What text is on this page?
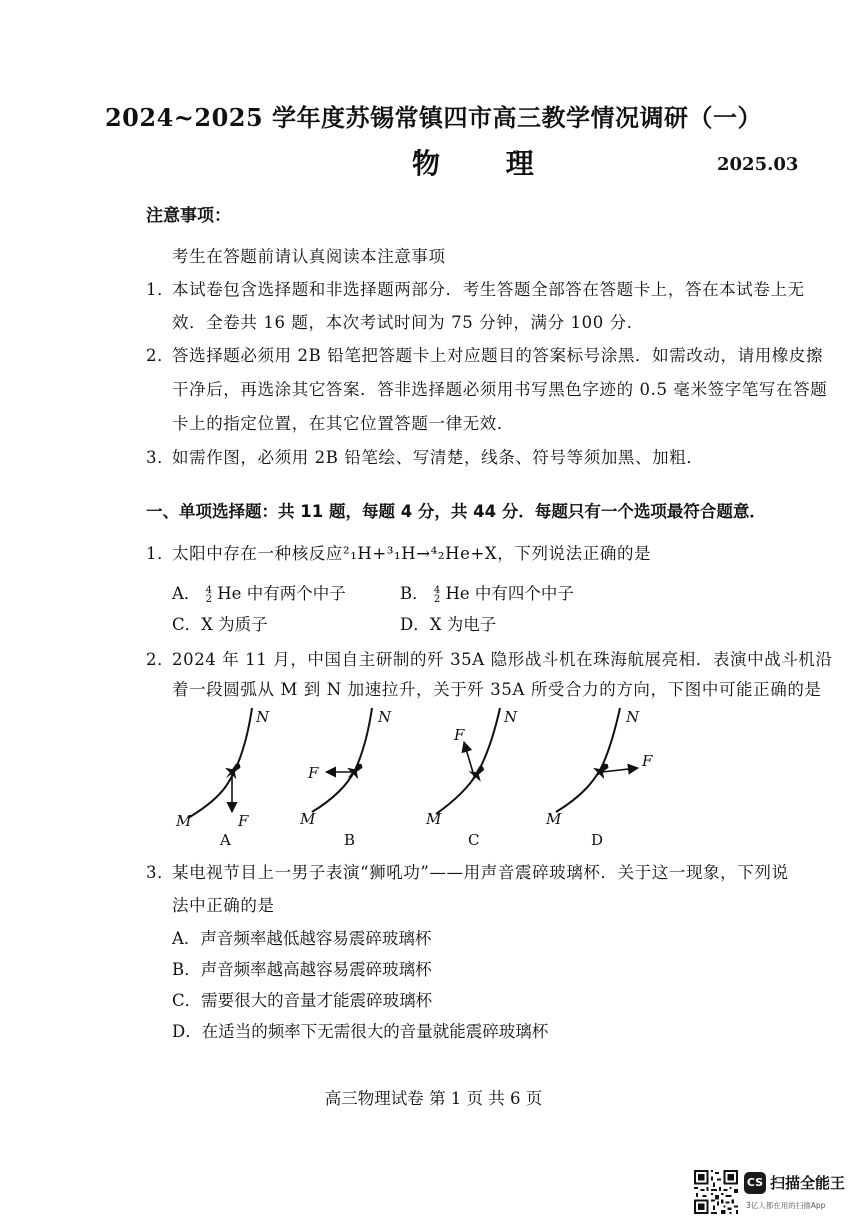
2024~2025 学年度苏锡常镇四市高三教学情况调研（一）
物 理	2025.03
注意事项：
考生在答题前请认真阅读本注意事项
1．
本试卷包含选择题和非选择题两部分．考生答题全部答在答题卡上，答在本试卷上无
效．全卷共 16 题，本次考试时间为 75 分钟，满分 100 分．
2．
答选择题必须用 2B 铅笔把答题卡上对应题目的答案标号涂黑．如需改动，请用橡皮擦
干净后，再选涂其它答案．答非选择题必须用书写黑色字迹的 0.5 毫米签字笔写在答题
卡上的指定位置，在其它位置答题一律无效．
3．
如需作图，必须用 2B 铅笔绘、写清楚，线条、符号等须加黑、加粗．
一、单项选择题：共 11 题，每题 4 分，共 44 分．每题只有一个选项最符合题意．
1．
太阳中存在一种核反应²₁H+³₁H→⁴₂He+X，下列说法正确的是
A． 4
2 He 中有两个中子	B． 4
2 He 中有四个中子
C．X 为质子	D．X 为电子
2．
2024 年 11 月，中国自主研制的歼 35A 隐形战斗机在珠海航展亮相．表演中战斗机沿
着一段圆弧从 M 到 N 加速拉升，关于歼 35A 所受合力的方向，下图中可能正确的是
N
M	F
A
N
M
F
B
N
M
F
C
N
M
F
D
3．
某电视节目上一男子表演“狮吼功”——用声音震碎玻璃杯．关于这一现象，下列说
法中正确的是
A．声音频率越低越容易震碎玻璃杯
B．声音频率越高越容易震碎玻璃杯
C．需要很大的音量才能震碎玻璃杯
D．在适当的频率下无需很大的音量就能震碎玻璃杯
高三物理试卷 第 1 页 共 6 页
CS 扫描全能王
3亿人都在用的扫描App
